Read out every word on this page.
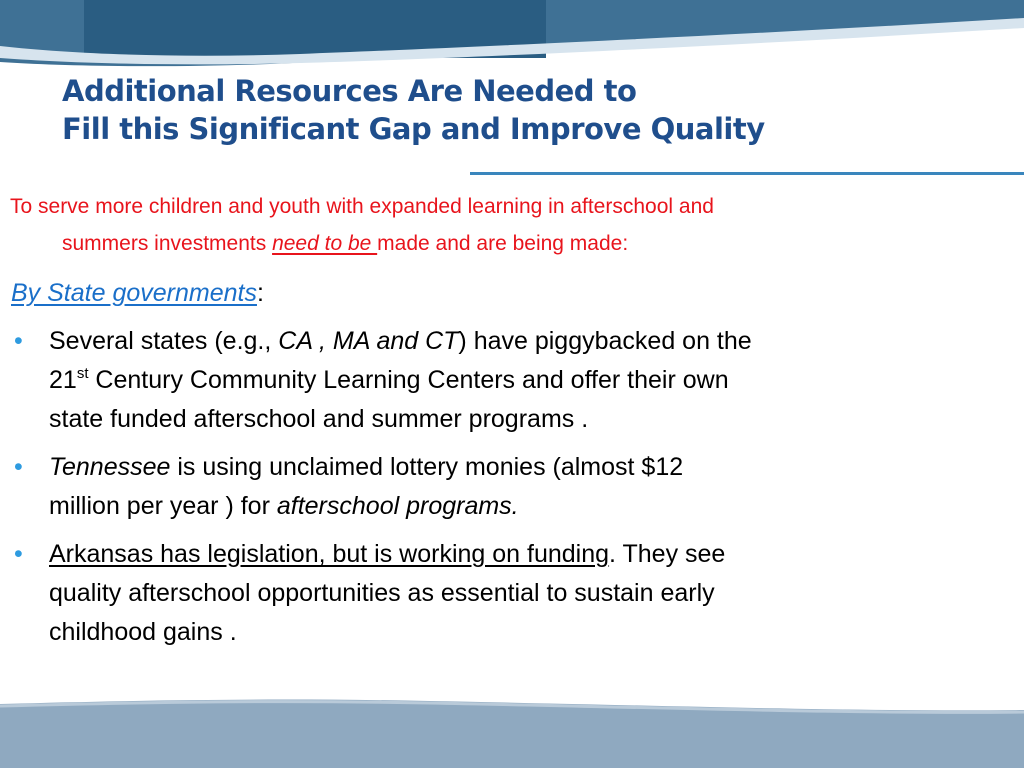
Additional Resources Are Needed to
Fill this Significant Gap and Improve Quality
To serve more children and youth with expanded learning in afterschool and
summers investments need to be made and are being made:

By State governments:

• Several states (e.g., CA , MA and CT) have piggybacked on the
21st Century Community Learning Centers and offer their own
state funded afterschool and summer programs .
• Tennessee is using unclaimed lottery monies (almost $12
million per year ) for afterschool programs.
• Arkansas has legislation, but is working on funding. They see
quality afterschool opportunities as essential to sustain early
childhood gains .
